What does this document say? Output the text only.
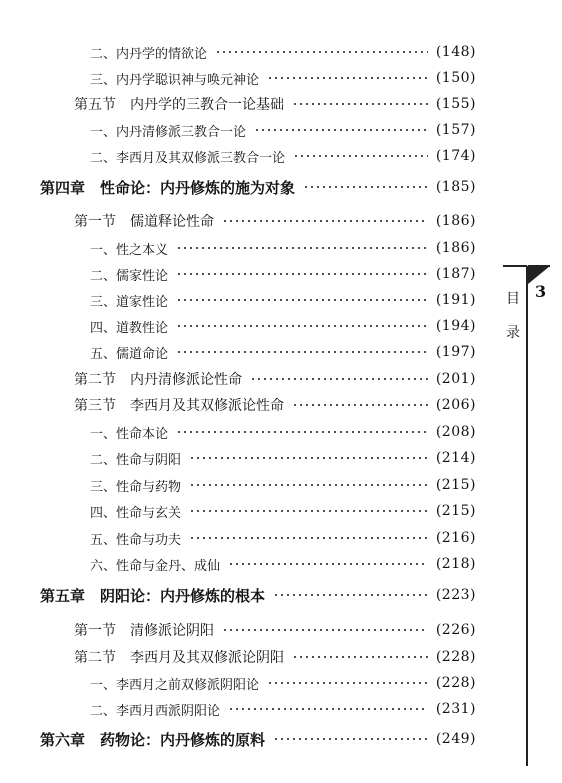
二、内丹学的情欲论	(148)
三、内丹学聪识神与唤元神论	(150)
第五节　内丹学的三教合一论基础	(155)
一、内丹清修派三教合一论	(157)
二、李西月及其双修派三教合一论	(174)
第四章　性命论：内丹修炼的施为对象	(185)
第一节　儒道释论性命	(186)
一、性之本义	(186)
二、儒家性论	(187)
三、道家性论	(191)
四、道教性论	(194)
五、儒道命论	(197)
第二节　内丹清修派论性命	(201)
第三节　李西月及其双修派论性命	(206)
一、性命本论	(208)
二、性命与阴阳	(214)
三、性命与药物	(215)
四、性命与玄关	(215)
五、性命与功夫	(216)
六、性命与金丹、成仙	(218)
第五章　阴阳论：内丹修炼的根本	(223)
第一节　清修派论阴阳	(226)
第二节　李西月及其双修派论阴阳	(228)
一、李西月之前双修派阴阳论	(228)
二、李西月西派阴阳论	(231)
第六章　药物论：内丹修炼的原料	(249)
3
目
录
